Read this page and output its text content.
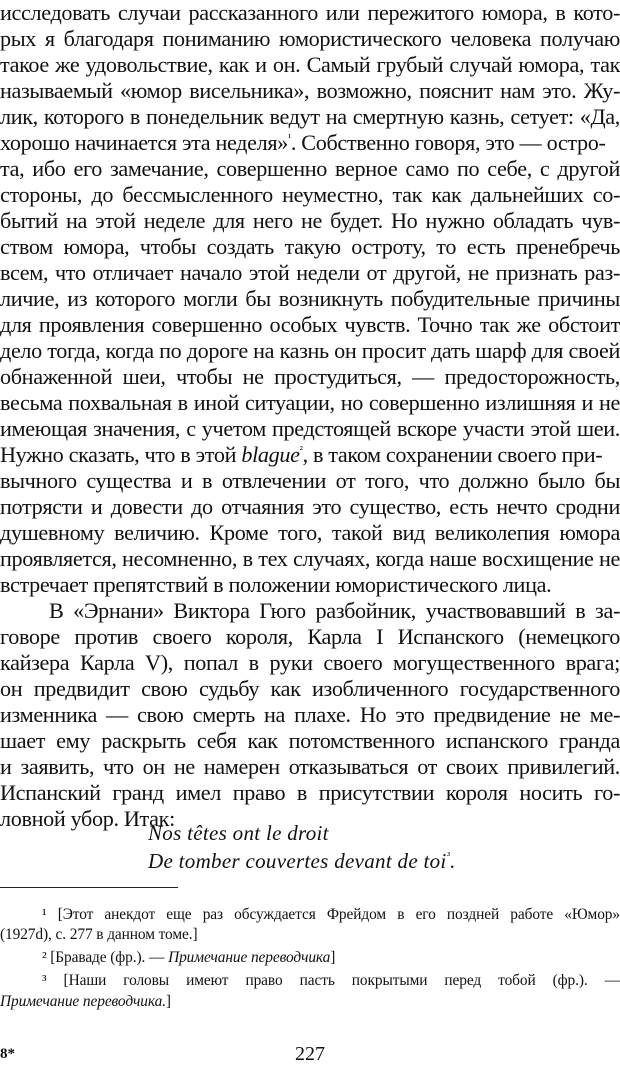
исследовать случаи рассказанного или пережитого юмора, в кото-
рых я благодаря пониманию юмористического человека получаю
такое же удовольствие, как и он. Самый грубый случай юмора, так
называемый «юмор висельника», возможно, пояснит нам это. Жу-
лик, которого в понедельник ведут на смертную казнь, сетует: «Да,
хорошо начинается эта неделя»$^{^1}$. Собственно говоря, это — остро-
та, ибо его замечание, совершенно верное само по себе, с другой
стороны, до бессмысленного неуместно, так как дальнейших со-
бытий на этой неделе для него не будет. Но нужно обладать чув-
ством юмора, чтобы создать такую остроту, то есть пренебречь
всем, что отличает начало этой недели от другой, не признать раз-
личие, из которого могли бы возникнуть побудительные причины
для проявления совершенно особых чувств. Точно так же обстоит
дело тогда, когда по дороге на казнь он просит дать шарф для своей
обнаженной шеи, чтобы не простудиться, — предосторожность,
весьма похвальная в иной ситуации, но совершенно излишняя и не
имеющая значения, с учетом предстоящей вскоре участи этой шеи.
Нужно сказать, что в этой blague$^{^2}$, в таком сохранении своего при-
вычного существа и в отвлечении от того, что должно было бы
потрясти и довести до отчаяния это существо, есть нечто сродни
душевному величию. Кроме того, такой вид великолепия юмора
проявляется, несомненно, в тех случаях, когда наше восхищение не
встречает препятствий в положении юмористического лица.
В «Эрнани» Виктора Гюго разбойник, участвовавший в за-
говоре против своего короля, Карла I Испанского (немецкого
кайзера Карла V), попал в руки своего могущественного врага;
он предвидит свою судьбу как изобличенного государственного
изменника — свою смерть на плахе. Но это предвидение не ме-
шает ему раскрыть себя как потомственного испанского гранда
и заявить, что он не намерен отказываться от своих привилегий.
Испанский гранд имел право в присутствии короля носить го-
ловной убор. Итак:
Nos têtes ont le droit
De tomber couvertes devant de toi$^{^3}$.
¹ [Этот анекдот еще раз обсуждается Фрейдом в его поздней работе «Юмор»
(1927d), с. 277 в данном томе.]
² [Браваде (фр.). — Примечание переводчика]
³ [Наши головы имеют право пасть покрытыми перед тобой (фр.). —
Примечание переводчика.]
8*	227
